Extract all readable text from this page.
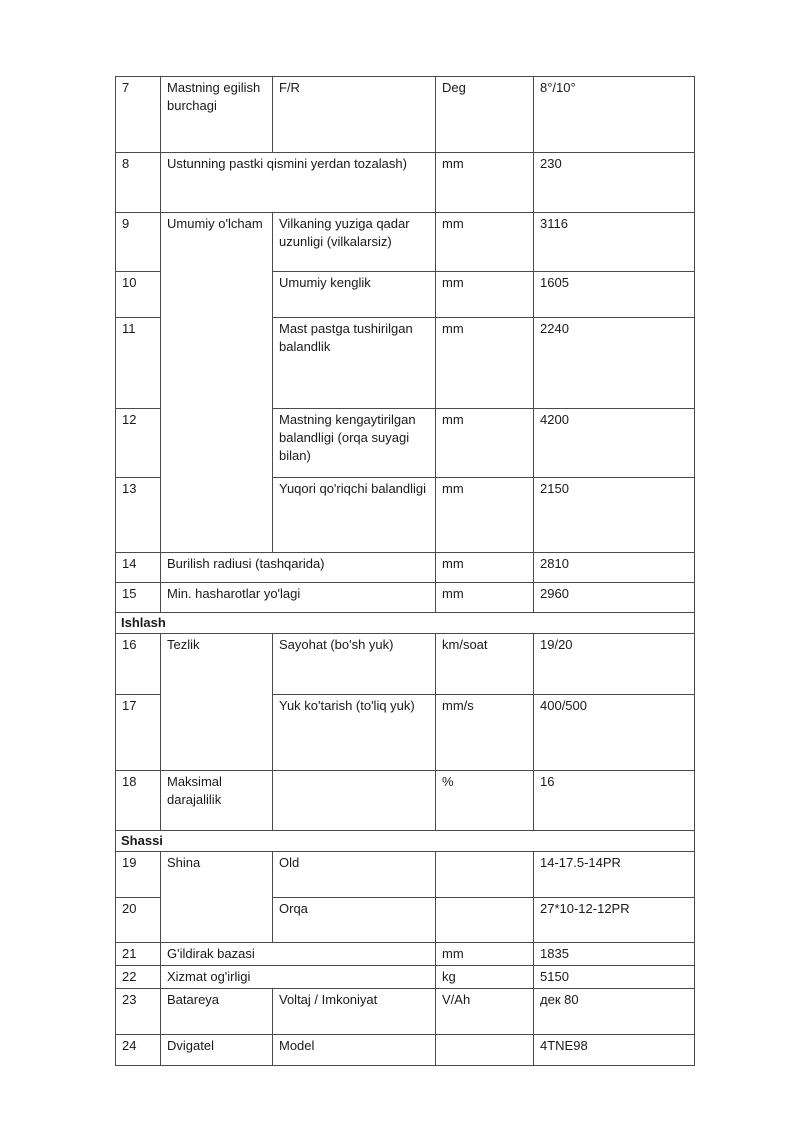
7	Mastning egilish burchagi	F/R	Deg	8°/10°
8	Ustunning pastki qismini yerdan tozalash)		mm	230
9	Umumiy o'lcham	Vilkaning yuziga qadar uzunligi (vilkalarsiz)	mm	3116
10		Umumiy kenglik	mm	1605
11		Mast pastga tushirilgan balandlik	mm	2240
12		Mastning kengaytirilgan balandligi (orqa suyagi bilan)	mm	4200
13		Yuqori qo'riqchi balandligi	mm	2150
14	Burilish radiusi (tashqarida)		mm	2810
15	Min. hasharotlar yo'lagi		mm	2960
Ishlash				
16	Tezlik	Sayohat (bo'sh yuk)	km/soat	19/20
17		Yuk ko'tarish (to'liq yuk)	mm/s	400/500
18	Maksimal darajalilik		%	16
Shassi				
19	Shina	Old		14-17.5-14PR
20		Orqa		27*10-12-12PR
21	G'ildirak bazasi		mm	1835
22	Xizmat og'irligi		kg	5150
23	Batareya	Voltaj / Imkoniyat	V/Ah	дек 80
24	Dvigatel	Model		4TNE98
